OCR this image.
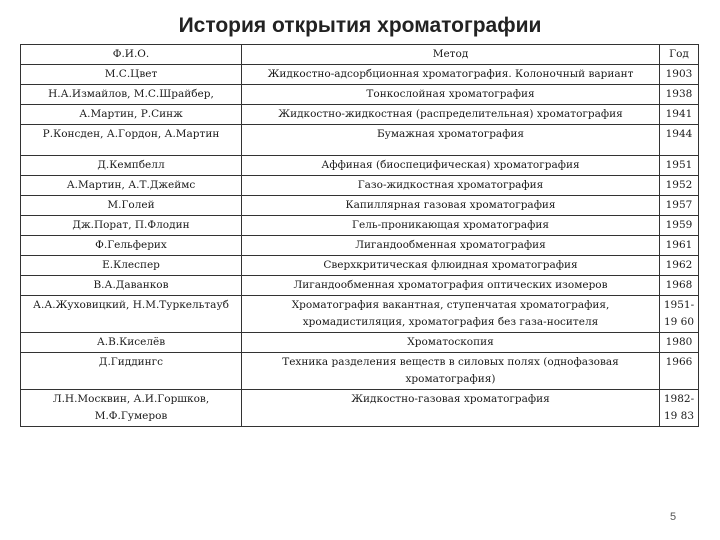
История открытия хроматографии
Ф.И.О.	Метод	Год
М.С.Цвет	Жидкостно-адсорбционная хроматография. Колоночный вариант	1903
Н.А.Измайлов, М.С.Шрайбер,	Тонкослойная хроматография	1938
А.Мартин, Р.Синж	Жидкостно-жидкостная (распределительная) хроматография	1941
Р.Консден, А.Гордон, А.Мартин	Бумажная хроматография	1944
Д.Кемпбелл	Аффиная (биоспецифическая) хроматография	1951
А.Мартин, А.Т.Джеймс	Газо-жидкостная хроматография	1952
М.Голей	Капиллярная газовая хроматография	1957
Дж.Порат, П.Флодин	Гель-проникающая хроматография	1959
Ф.Гельферих	Лигандообменная хроматография	1961
Е.Клеспер	Сверхкритическая флюидная хроматография	1962
В.А.Даванков	Лигандообменная хроматография оптических изомеров	1968
А.А.Жуховицкий, Н.М.Туркельтауб	Хроматография вакантная, ступенчатая хроматография, хромадистиляция, хроматография без газа-носителя	1951-19 60
А.В.Киселёв	Хроматоскопия	1980
Д.Гиддингс	Техника разделения веществ в силовых полях (однофазовая хроматография)	1966
Л.Н.Москвин, А.И.Горшков, М.Ф.Гумеров	Жидкостно-газовая хроматография	1982-19 83
5
